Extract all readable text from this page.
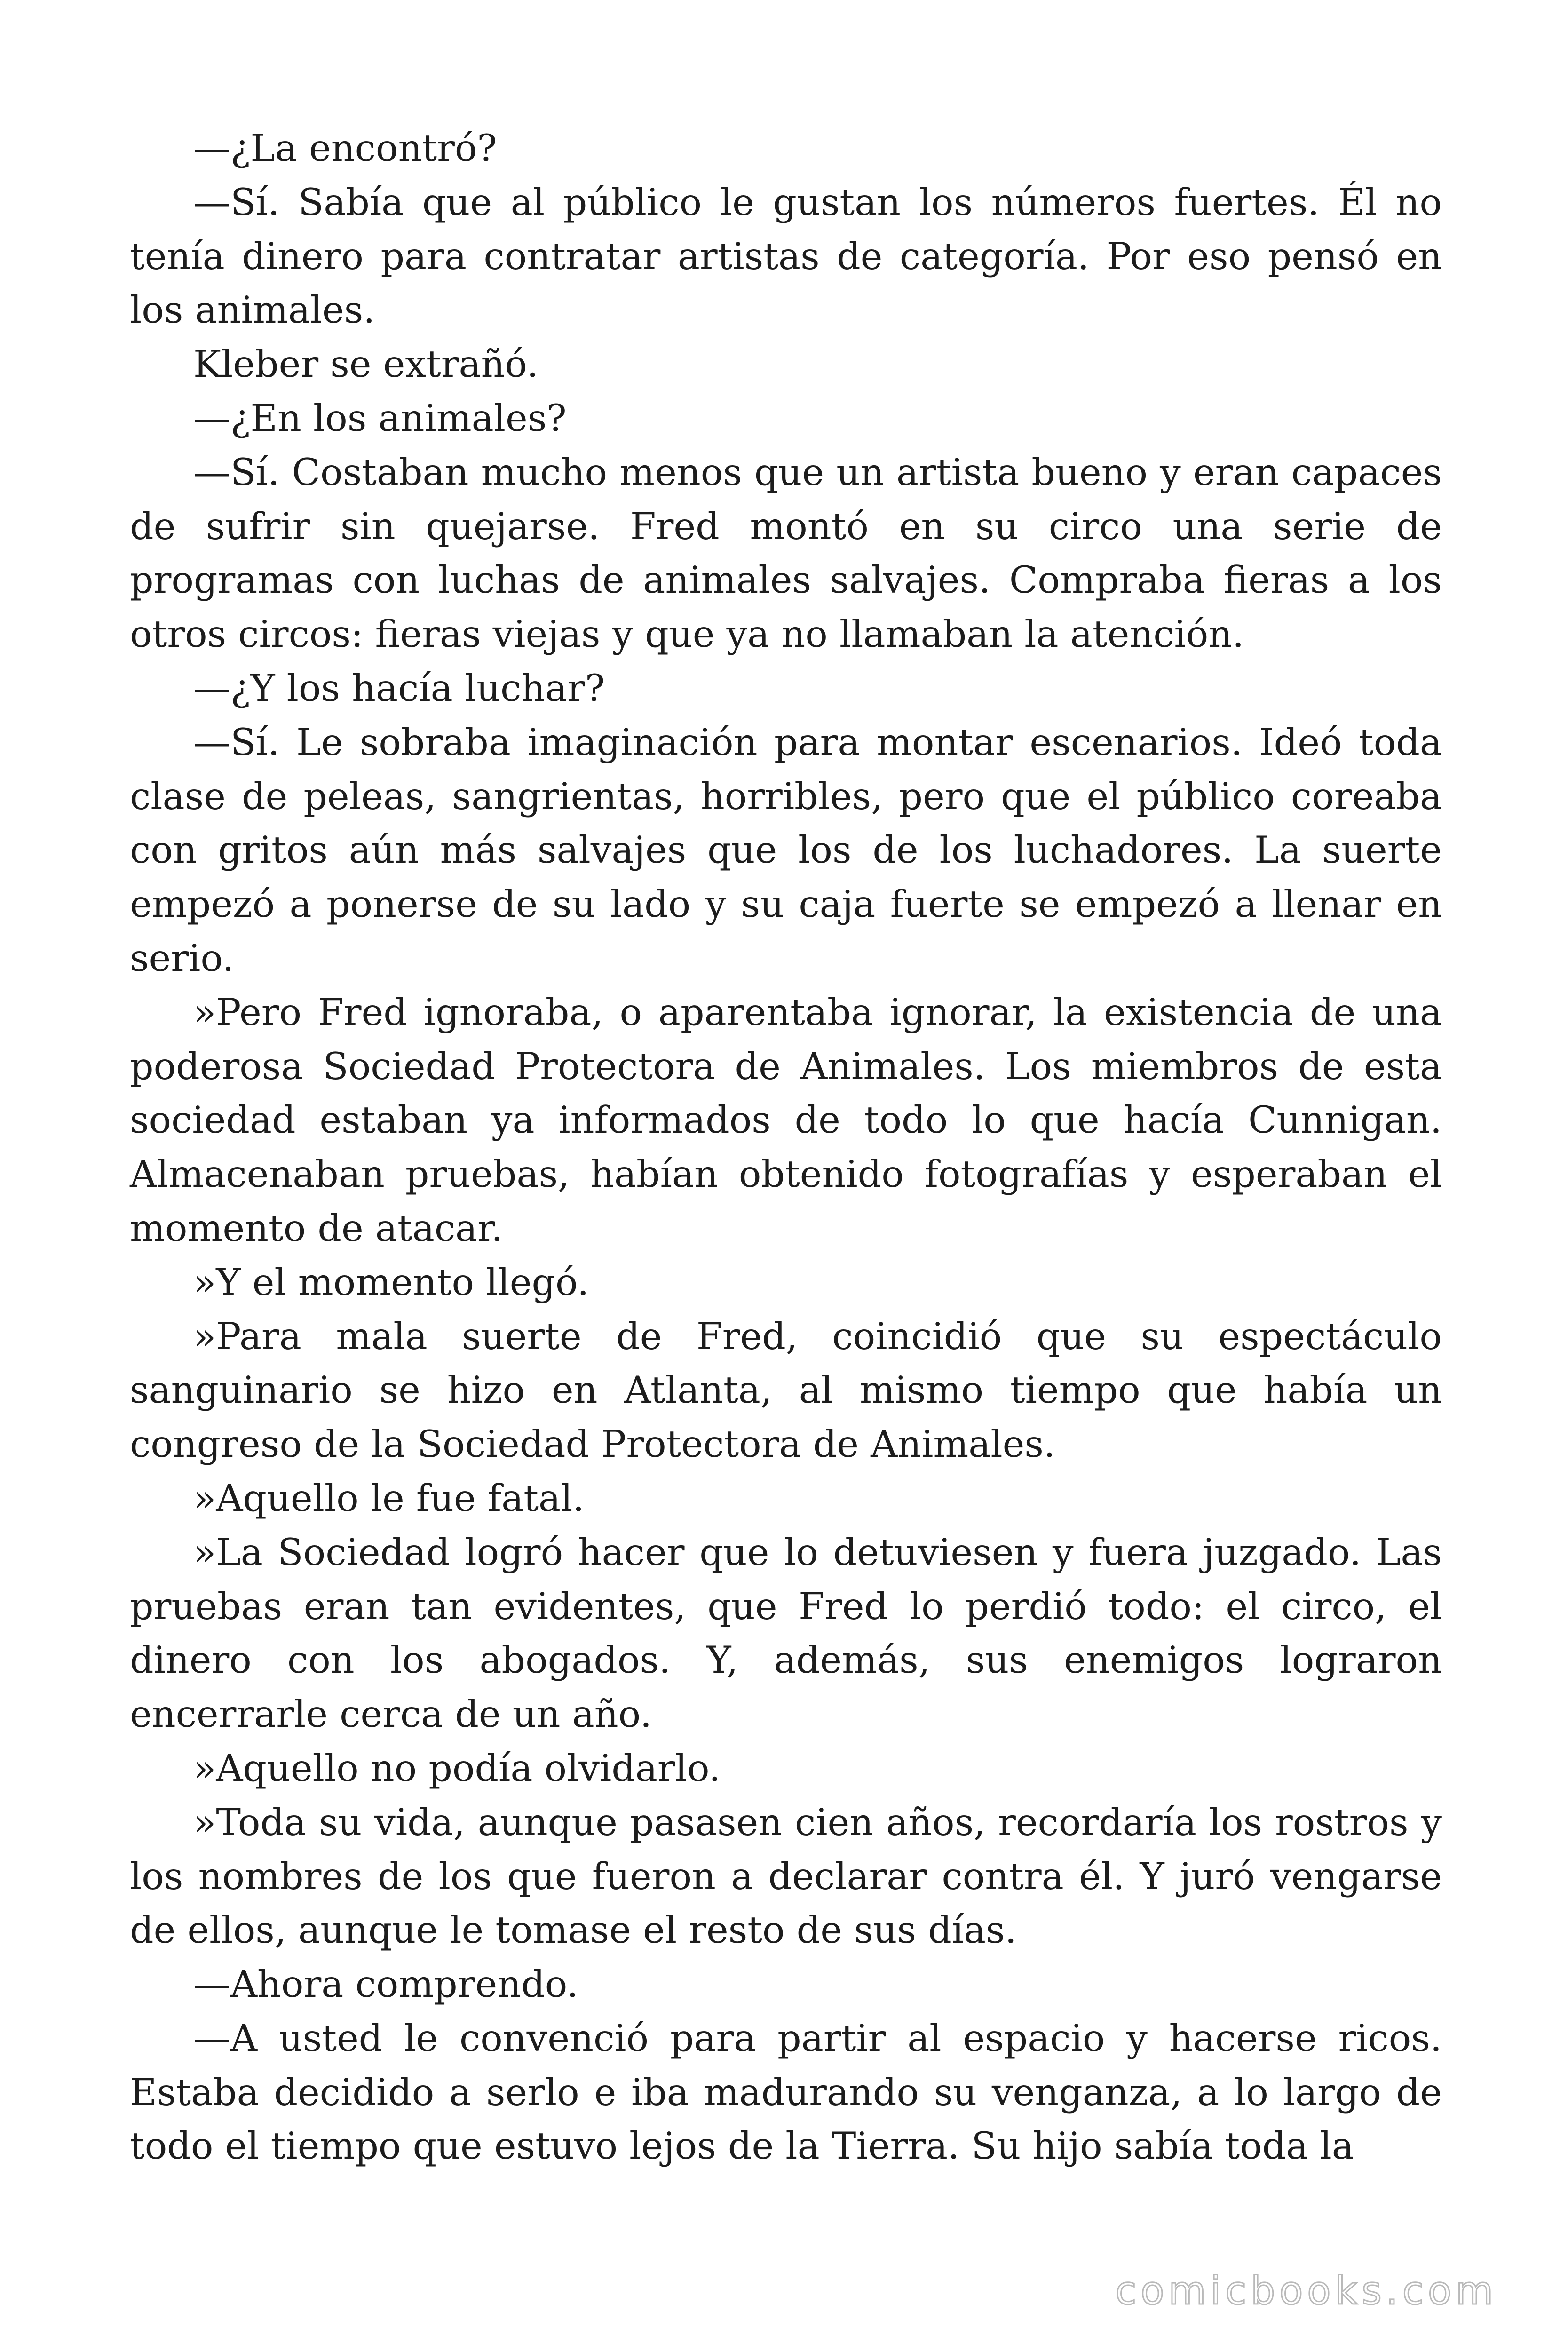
—¿La encontró?

—Sí. Sabía que al público le gustan los números fuertes. Él no tenía dinero para contratar artistas de categoría. Por eso pensó en los animales.

Kleber se extrañó.

—¿En los animales?

—Sí. Costaban mucho menos que un artista bueno y eran capaces de sufrir sin quejarse. Fred montó en su circo una serie de programas con luchas de animales salvajes. Compraba fieras a los otros circos: fieras viejas y que ya no llamaban la atención.

—¿Y los hacía luchar?

—Sí. Le sobraba imaginación para montar escenarios. Ideó toda clase de peleas, sangrientas, horribles, pero que el público coreaba con gritos aún más salvajes que los de los luchadores. La suerte empezó a ponerse de su lado y su caja fuerte se empezó a llenar en serio.

»Pero Fred ignoraba, o aparentaba ignorar, la existencia de una poderosa Sociedad Protectora de Animales. Los miembros de esta sociedad estaban ya informados de todo lo que hacía Cunnigan. Almacenaban pruebas, habían obtenido fotografías y esperaban el momento de atacar.

»Y el momento llegó.

»Para mala suerte de Fred, coincidió que su espectáculo sanguinario se hizo en Atlanta, al mismo tiempo que había un congreso de la Sociedad Protectora de Animales.

»Aquello le fue fatal.

»La Sociedad logró hacer que lo detuviesen y fuera juzgado. Las pruebas eran tan evidentes, que Fred lo perdió todo: el circo, el dinero con los abogados. Y, además, sus enemigos lograron encerrarle cerca de un año.

»Aquello no podía olvidarlo.

»Toda su vida, aunque pasasen cien años, recordaría los rostros y los nombres de los que fueron a declarar contra él. Y juró vengarse de ellos, aunque le tomase el resto de sus días.

—Ahora comprendo.

—A usted le convenció para partir al espacio y hacerse ricos. Estaba decidido a serlo e iba madurando su venganza, a lo largo de todo el tiempo que estuvo lejos de la Tierra. Su hijo sabía toda la

comicbooks.com
